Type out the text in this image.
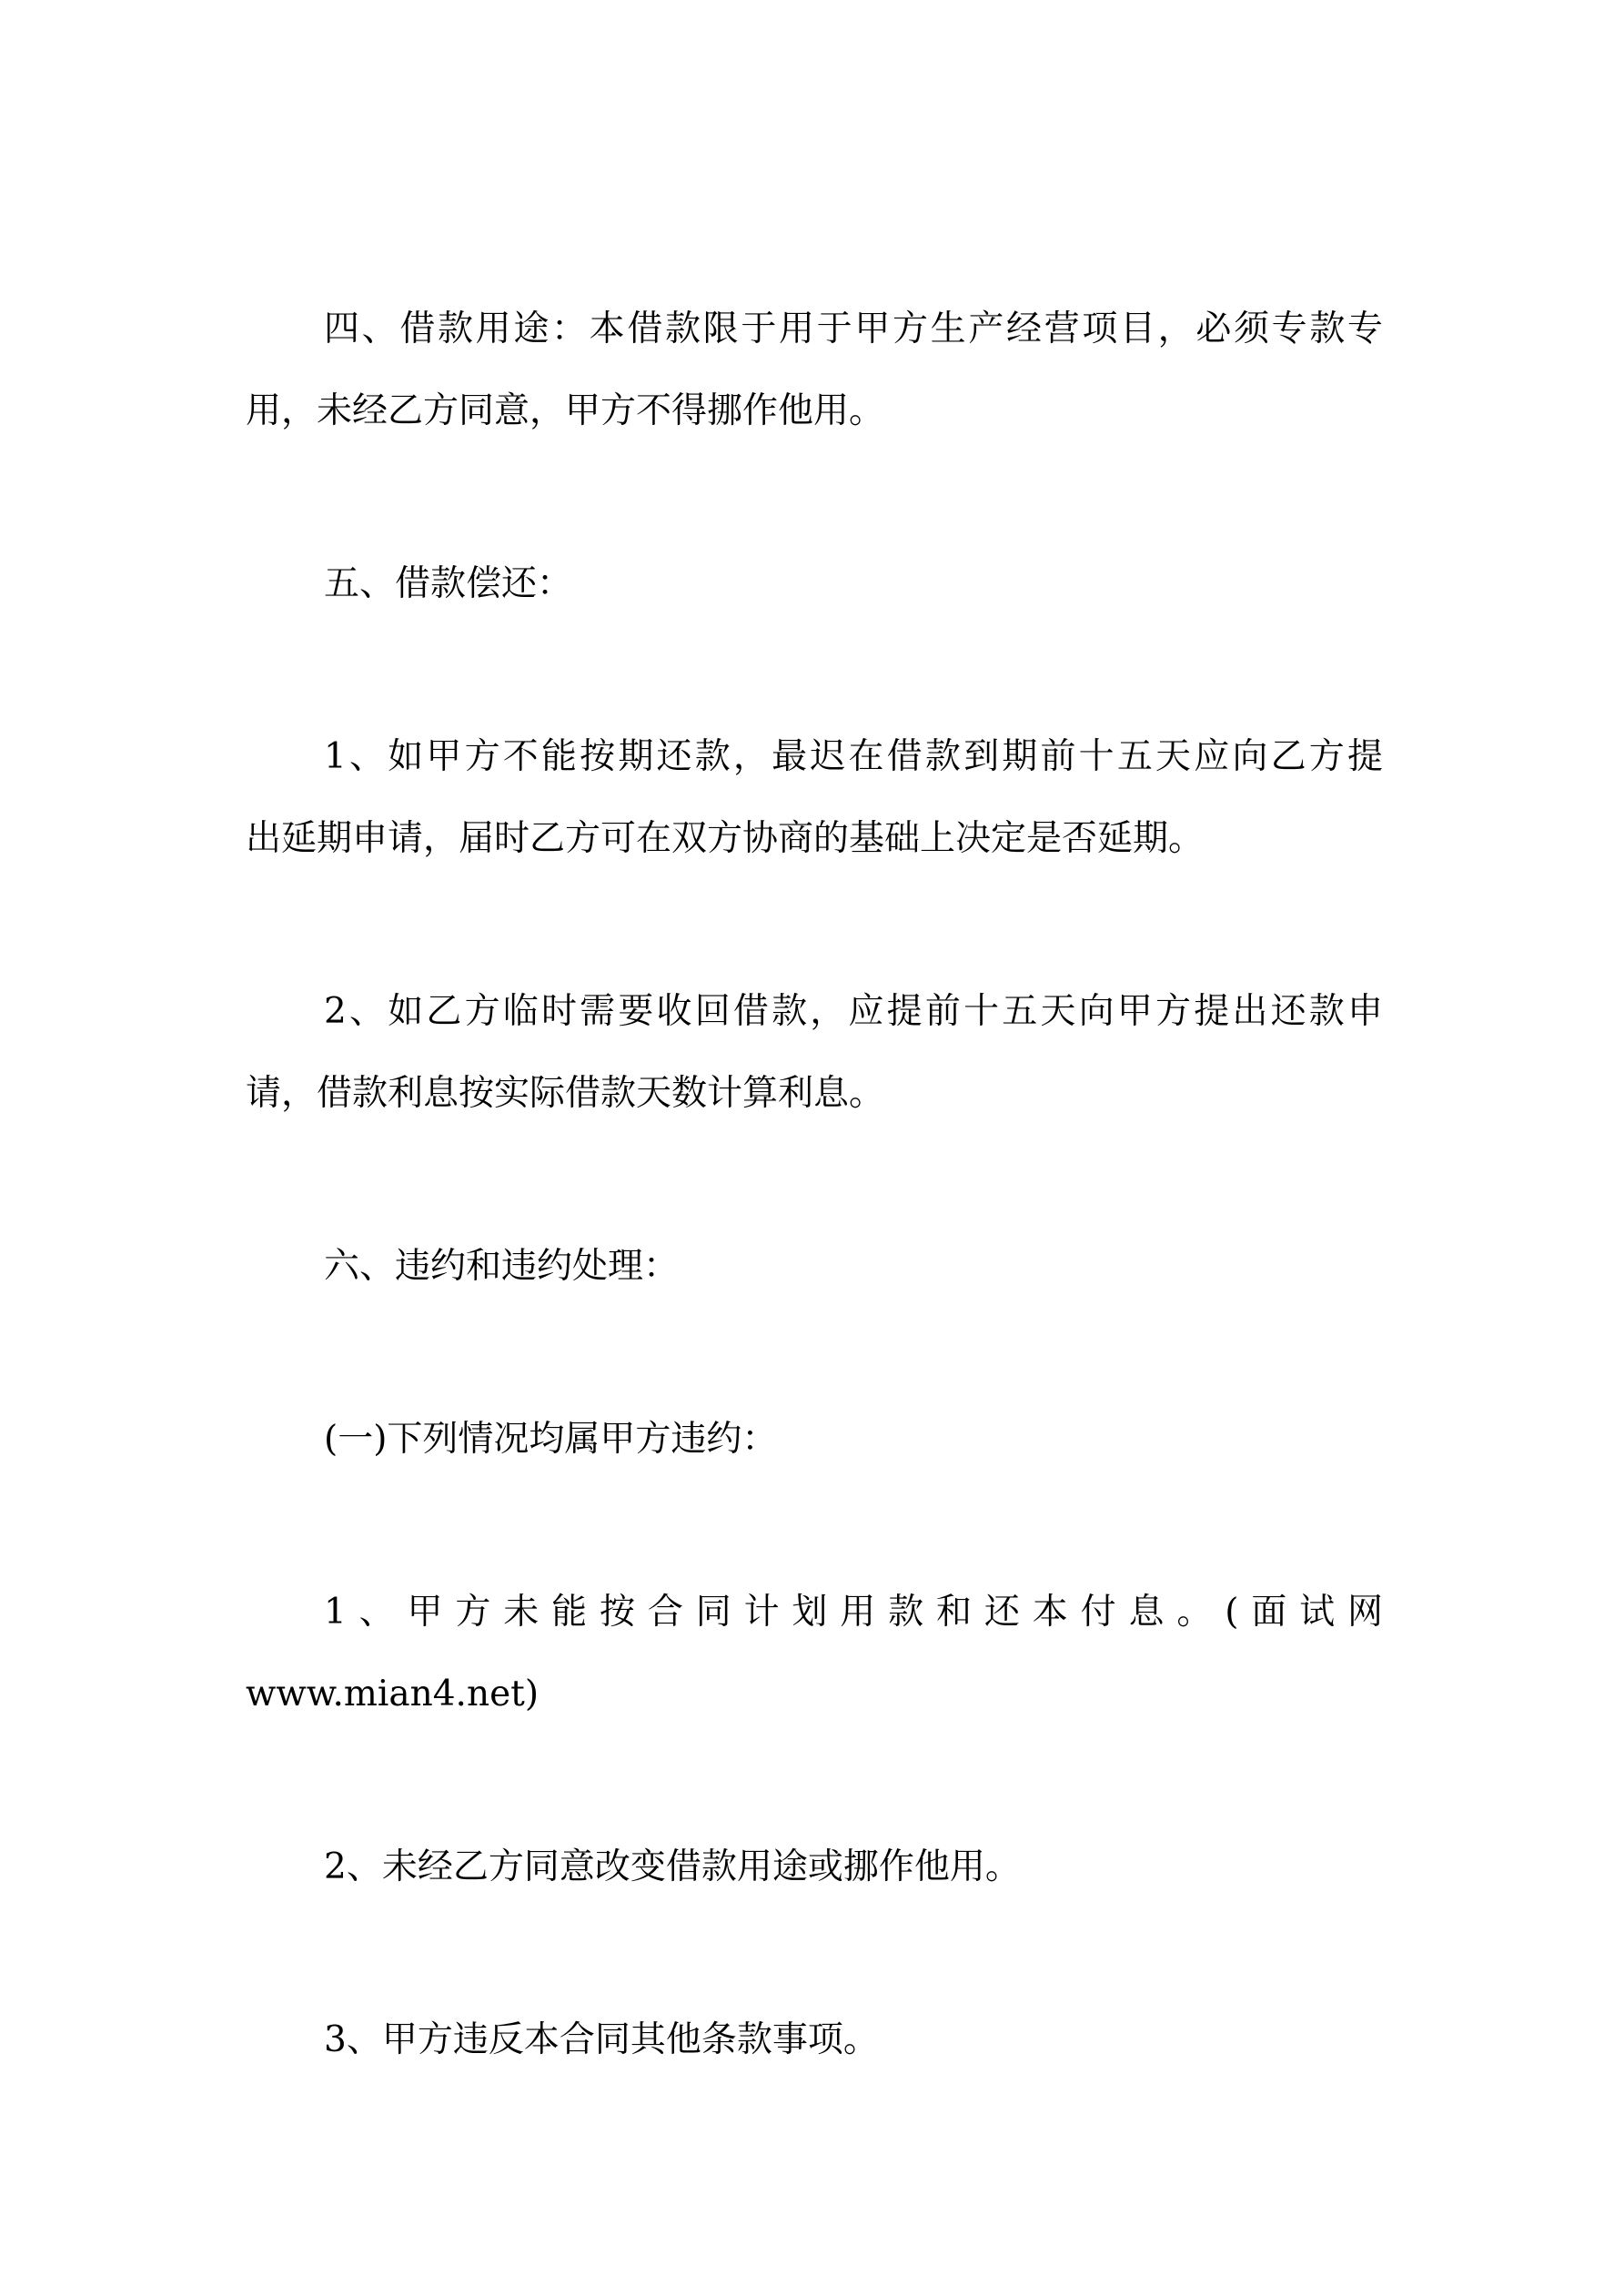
四、借款用途：本借款限于用于甲方生产经营项目，必须专款专

用，未经乙方同意，甲方不得挪作他用。

五、借款偿还：

1、如甲方不能按期还款，最迟在借款到期前十五天应向乙方提

出延期申请，届时乙方可在双方协商的基础上决定是否延期。

2、如乙方临时需要收回借款，应提前十五天向甲方提出还款申

请，借款利息按实际借款天数计算利息。

六、违约和违约处理：

(一)下列情况均属甲方违约：

1、甲方未能按合同计划用款和还本付息。(面试网

www.mian4.net)

2、未经乙方同意改变借款用途或挪作他用。

3、甲方违反本合同其他条款事项。
